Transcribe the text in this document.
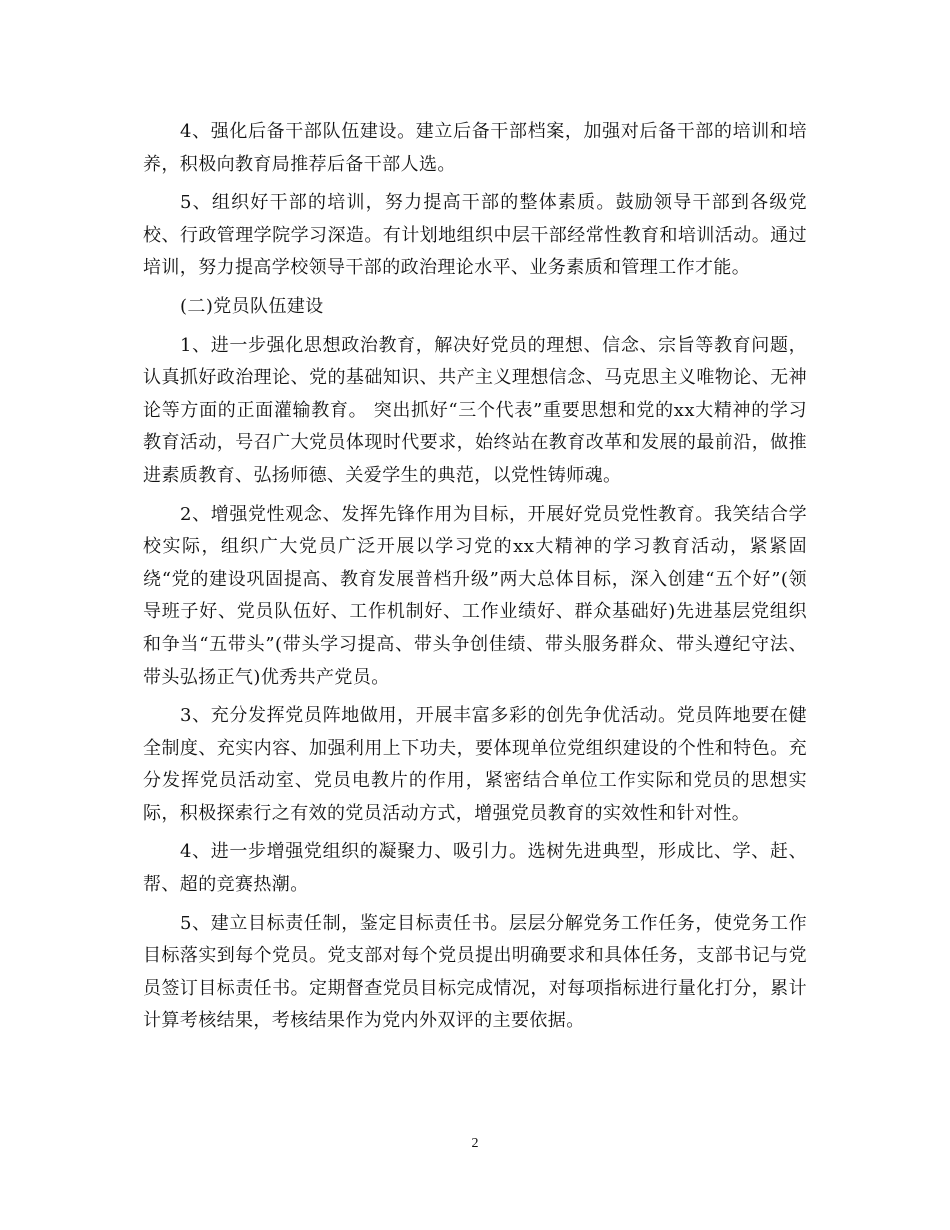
4、强化后备干部队伍建设。建立后备干部档案，加强对后备干部的培训和培养，积极向教育局推荐后备干部人选。

5、组织好干部的培训，努力提高干部的整体素质。鼓励领导干部到各级党校、行政管理学院学习深造。有计划地组织中层干部经常性教育和培训活动。通过培训，努力提高学校领导干部的政治理论水平、业务素质和管理工作才能。

(二)党员队伍建设

1、进一步强化思想政治教育，解决好党员的理想、信念、宗旨等教育问题，认真抓好政治理论、党的基础知识、共产主义理想信念、马克思主义唯物论、无神论等方面的正面灌输教育。 突出抓好“三个代表”重要思想和党的xx大精神的学习教育活动，号召广大党员体现时代要求，始终站在教育改革和发展的最前沿，做推进素质教育、弘扬师德、关爱学生的典范，以党性铸师魂。

2、增强党性观念、发挥先锋作用为目标，开展好党员党性教育。我笑结合学校实际，组织广大党员广泛开展以学习党的xx大精神的学习教育活动，紧紧固绕“党的建设巩固提高、教育发展普档升级”两大总体目标，深入创建“五个好”(领导班子好、党员队伍好、工作机制好、工作业绩好、群众基础好)先进基层党组织和争当“五带头”(带头学习提高、带头争创佳绩、带头服务群众、带头遵纪守法、带头弘扬正气)优秀共产党员。

3、充分发挥党员阵地做用，开展丰富多彩的创先争优活动。党员阵地要在健全制度、充实内容、加强利用上下功夫，要体现单位党组织建设的个性和特色。充分发挥党员活动室、党员电教片的作用，紧密结合单位工作实际和党员的思想实际，积极探索行之有效的党员活动方式，增强党员教育的实效性和针对性。

4、进一步增强党组织的凝聚力、吸引力。选树先进典型，形成比、学、赶、帮、超的竞赛热潮。

5、建立目标责任制，鉴定目标责任书。层层分解党务工作任务，使党务工作目标落实到每个党员。党支部对每个党员提出明确要求和具体任务，支部书记与党员签订目标责任书。定期督查党员目标完成情况，对每项指标进行量化打分，累计计算考核结果，考核结果作为党内外双评的主要依据。

2
